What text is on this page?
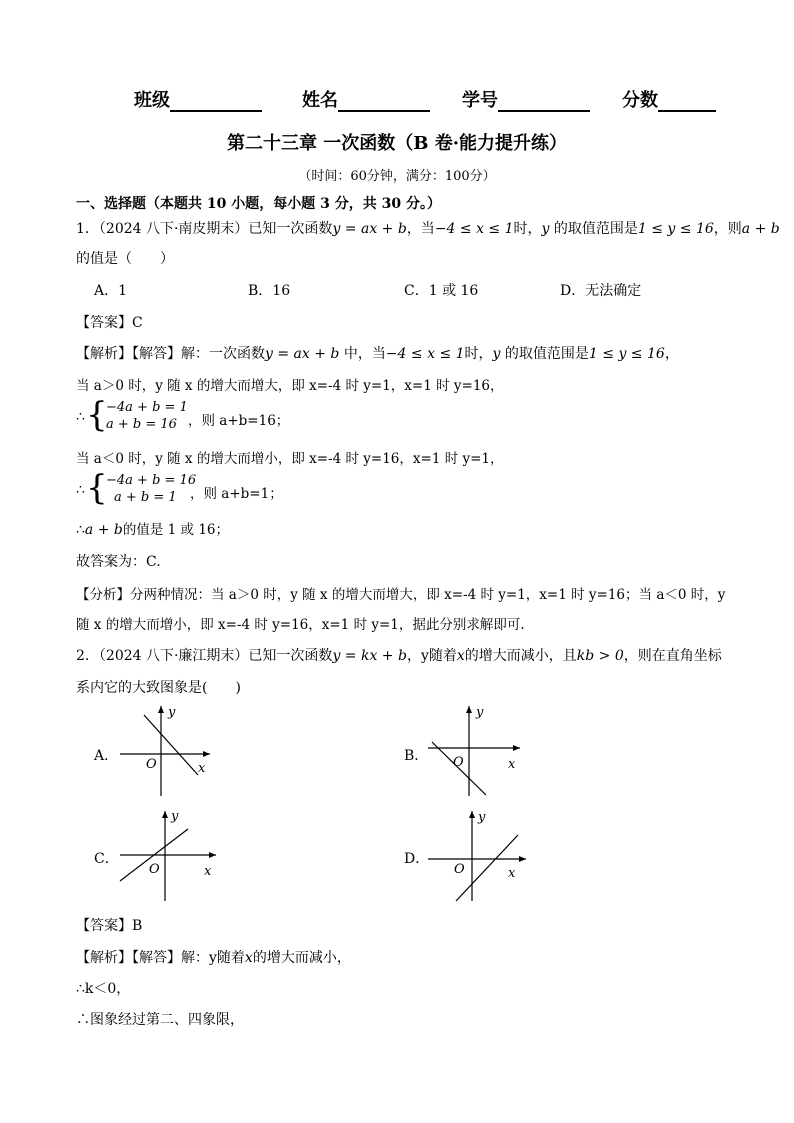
班级	姓名	学号	分数
第二十三章 一次函数（B 卷·能力提升练）
（时间：60分钟，满分：100分）
一、选择题（本题共 10 小题，每小题 3 分，共 30 分。）
1．（2024 八下·南皮期末）已知一次函数y = ax + b，当−4 ≤ x ≤ 1时，y 的取值范围是1 ≤ y ≤ 16，则a + b
的值是（　　）
A．1	B．16	C．1 或 16	D．无法确定
【答案】C
【解析】【解答】解：一次函数y = ax + b 中，当−4 ≤ x ≤ 1时，y 的取值范围是1 ≤ y ≤ 16，
当 a＞0 时，y 随 x 的增大而增大，即 x=-4 时 y=1，x=1 时 y=16，
∴ {
−4a + b = 1
a + b = 16 ，则 a+b=16；
当 a＜0 时，y 随 x 的增大而增小，即 x=-4 时 y=16，x=1 时 y=1，
∴ {
−4a + b = 16
a + b = 1 ，则 a+b=1；
∴a + b的值是 1 或 16；
故答案为：C.
【分析】分两种情况：当 a＞0 时，y 随 x 的增大而增大，即 x=-4 时 y=1，x=1 时 y=16；当 a＜0 时，y
随 x 的增大而增小，即 x=-4 时 y=16，x=1 时 y=1，据此分别求解即可.
2．（2024 八下·廉江期末）已知一次函数y = kx + b，y随着x的增大而减小，且kb > 0，则在直角坐标
系内它的大致图象是(　　)
A．
y
x
O
B．
y
x
O
C．
y
x
O
D．
y
x
O
【答案】B
【解析】【解答】解：y随着x的增大而减小，
∴k＜0，
∴图象经过第二、四象限，
